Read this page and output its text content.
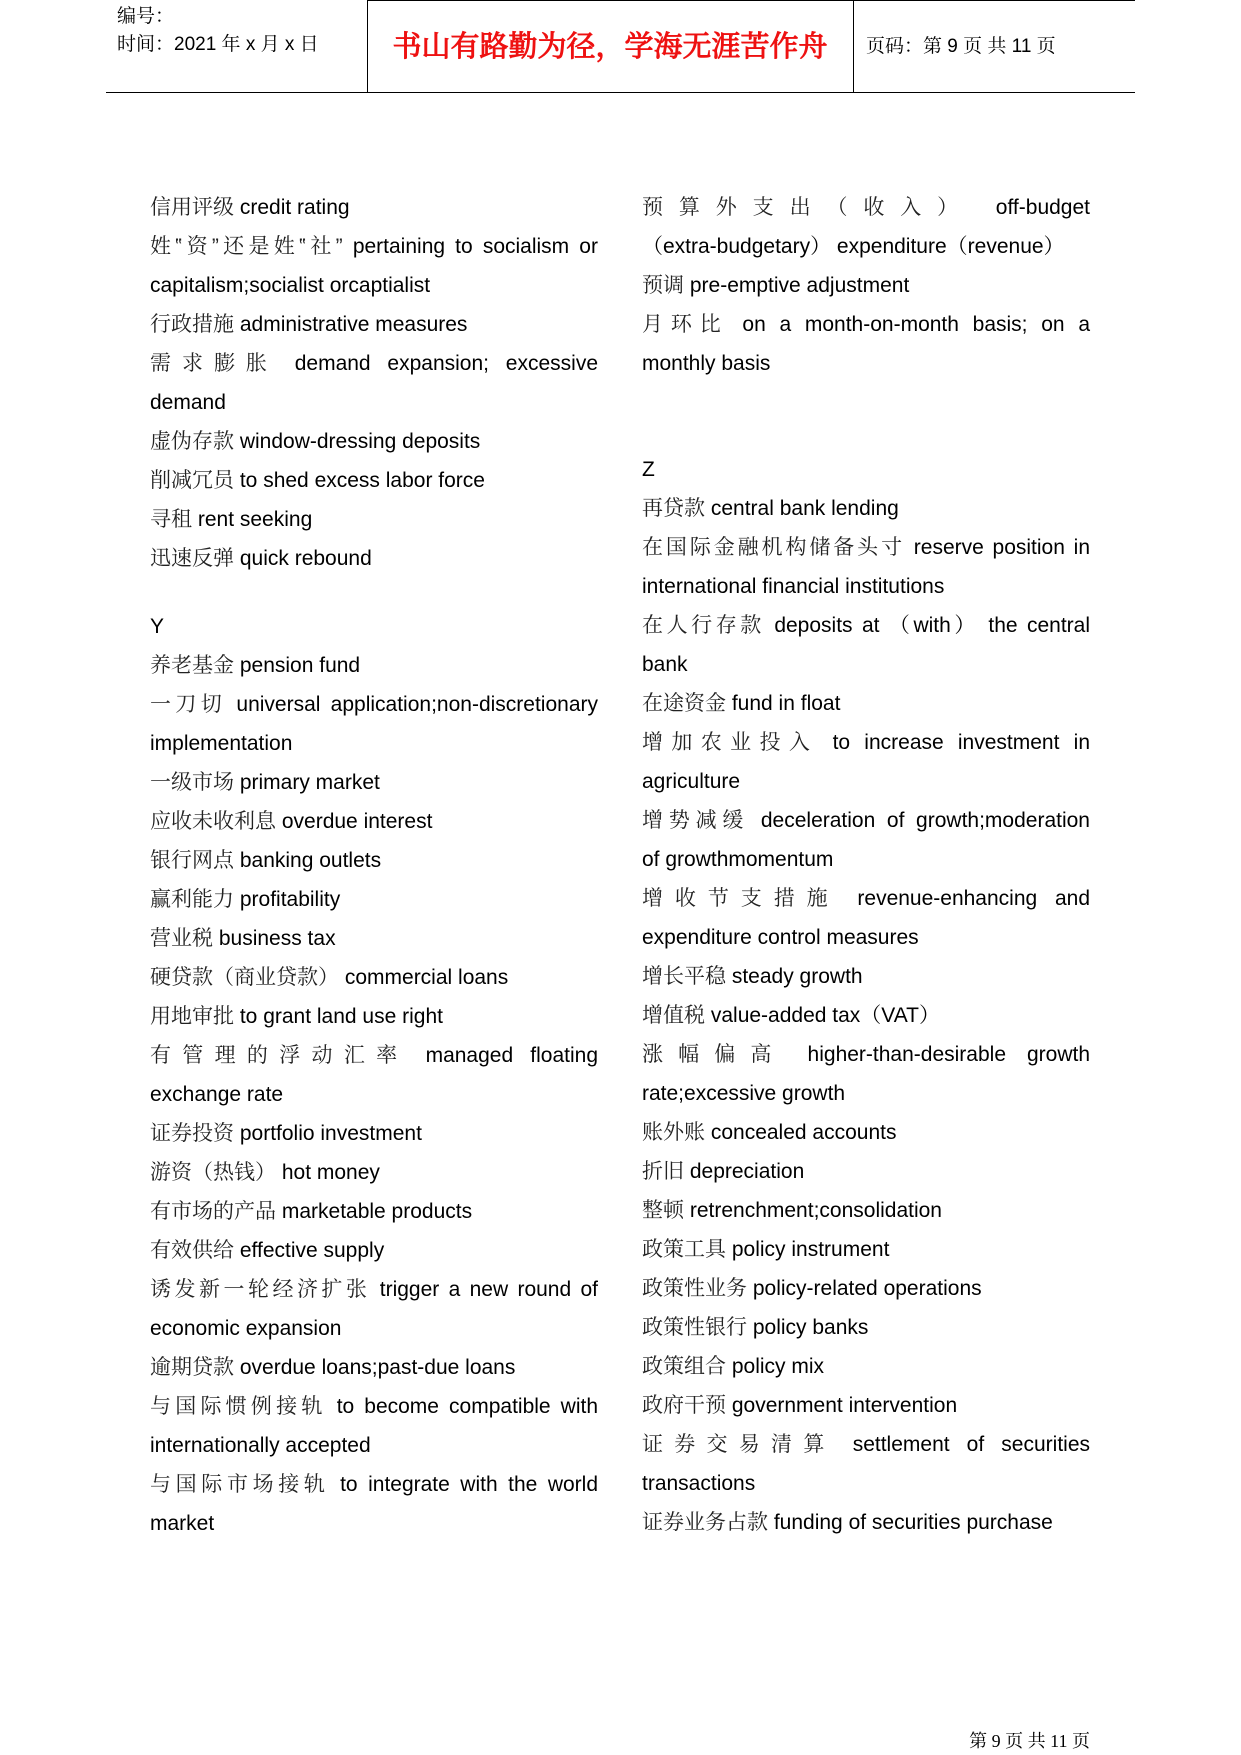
编号：
时间：2021 年 x 月 x 日	书山有路勤为径，学海无涯苦作舟	页码：第 9 页 共 11 页
信用评级 credit rating
姓‟资”还是姓‟社” pertaining to socialism or
capitalism;socialist orcaptialist
行政措施 administrative measures
需求膨胀 demand expansion; excessive
demand
虚伪存款 window-dressing deposits
削减冗员 to shed excess labor force
寻租 rent seeking
迅速反弹 quick rebound
Y
养老基金 pension fund
一刀切 universal application;non-discretionary
implementation
一级市场 primary market
应收未收利息 overdue interest
银行网点 banking outlets
赢利能力 profitability
营业税 business tax
硬贷款（商业贷款） commercial loans
用地审批 to grant land use right
有管理的浮动汇率 managed floating
exchange rate
证券投资 portfolio investment
游资（热钱） hot money
有市场的产品 marketable products
有效供给 effective supply
诱发新一轮经济扩张 trigger a new round of
economic expansion
逾期贷款 overdue loans;past-due loans
与国际惯例接轨 to become compatible with
internationally accepted
与国际市场接轨 to integrate with the world
market
预算外支出（收入） off-budget
（extra-budgetary） expenditure（revenue）
预调 pre-emptive adjustment
月环比 on a month-on-month basis; on a
monthly basis
Z
再贷款 central bank lending
在国际金融机构储备头寸 reserve position in
international financial institutions
在人行存款 deposits at （with） the central
bank
在途资金 fund in float
增加农业投入 to increase investment in
agriculture
增势减缓 deceleration of growth;moderation
of growthmomentum
增收节支措施 revenue-enhancing and
expenditure control measures
增长平稳 steady growth
增值税 value-added tax（VAT）
涨幅偏高 higher-than-desirable growth
rate;excessive growth
账外账 concealed accounts
折旧 depreciation
整顿 retrenchment;consolidation
政策工具 policy instrument
政策性业务 policy-related operations
政策性银行 policy banks
政策组合 policy mix
政府干预 government intervention
证券交易清算 settlement of securities
transactions
证券业务占款 funding of securities purchase
第 9 页 共 11 页
